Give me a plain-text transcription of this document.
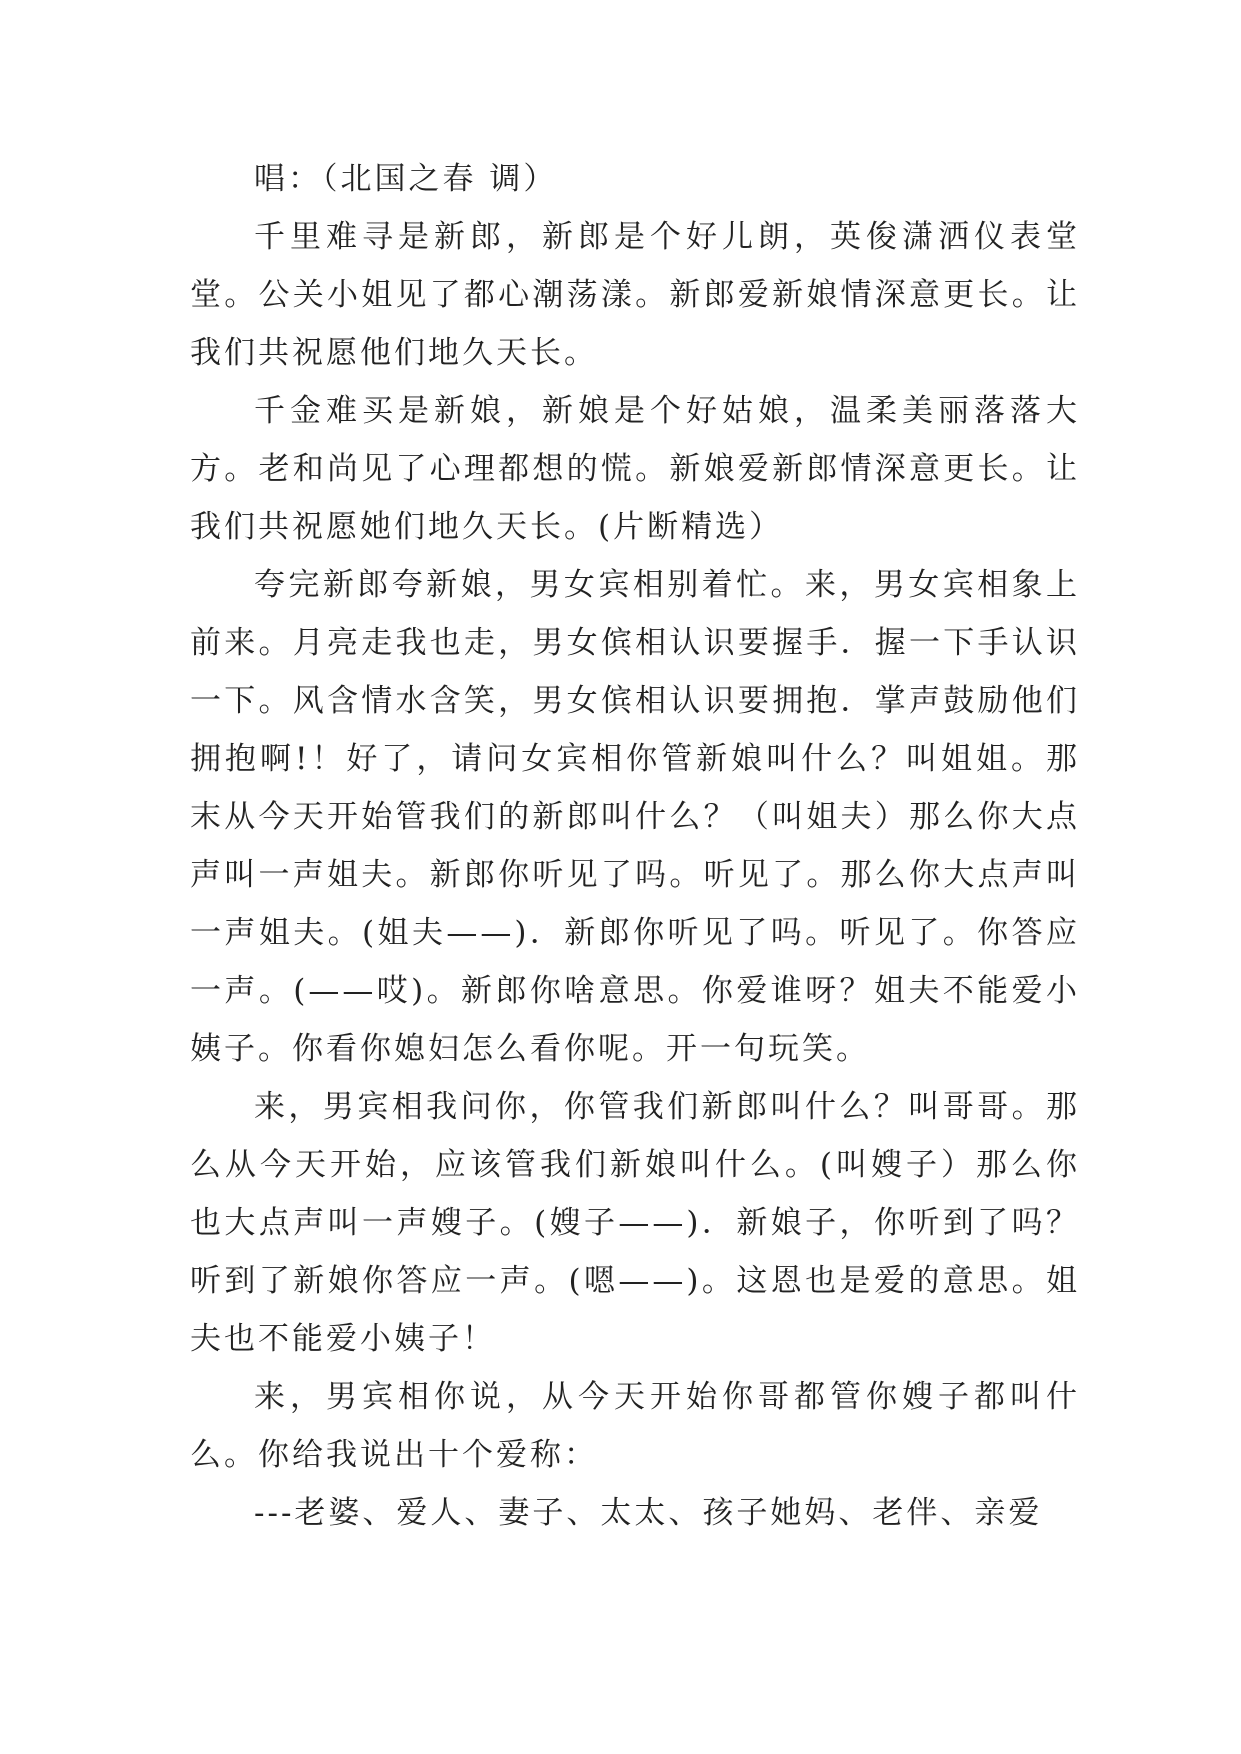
唱：（北国之春 调）

千里难寻是新郎，新郎是个好儿朗，英俊潇洒仪表堂堂。公关小姐见了都心潮荡漾。新郎爱新娘情深意更长。让我们共祝愿他们地久天长。

千金难买是新娘，新娘是个好姑娘，温柔美丽落落大方。老和尚见了心理都想的慌。新娘爱新郎情深意更长。让我们共祝愿她们地久天长。(片断精选）

夸完新郎夸新娘，男女宾相别着忙。来，男女宾相象上前来。月亮走我也走，男女傧相认识要握手．握一下手认识一下。风含情水含笑，男女傧相认识要拥抱．掌声鼓励他们拥抱啊!！好了，请问女宾相你管新娘叫什么？叫姐姐。那末从今天开始管我们的新郎叫什么？（叫姐夫）那么你大点声叫一声姐夫。新郎你听见了吗。听见了。那么你大点声叫一声姐夫。(姐夫——)．新郎你听见了吗。听见了。你答应一声。(——哎)。新郎你啥意思。你爱谁呀？姐夫不能爱小姨子。你看你媳妇怎么看你呢。开一句玩笑。

来，男宾相我问你，你管我们新郎叫什么？叫哥哥。那么从今天开始，应该管我们新娘叫什么。(叫嫂子）那么你也大点声叫一声嫂子。(嫂子——)．新娘子，你听到了吗？听到了新娘你答应一声。(嗯——)。这恩也是爱的意思。姐夫也不能爱小姨子！

来，男宾相你说，从今天开始你哥都管你嫂子都叫什么。你给我说出十个爱称：

---老婆、爱人、妻子、太太、孩子她妈、老伴、亲爱
